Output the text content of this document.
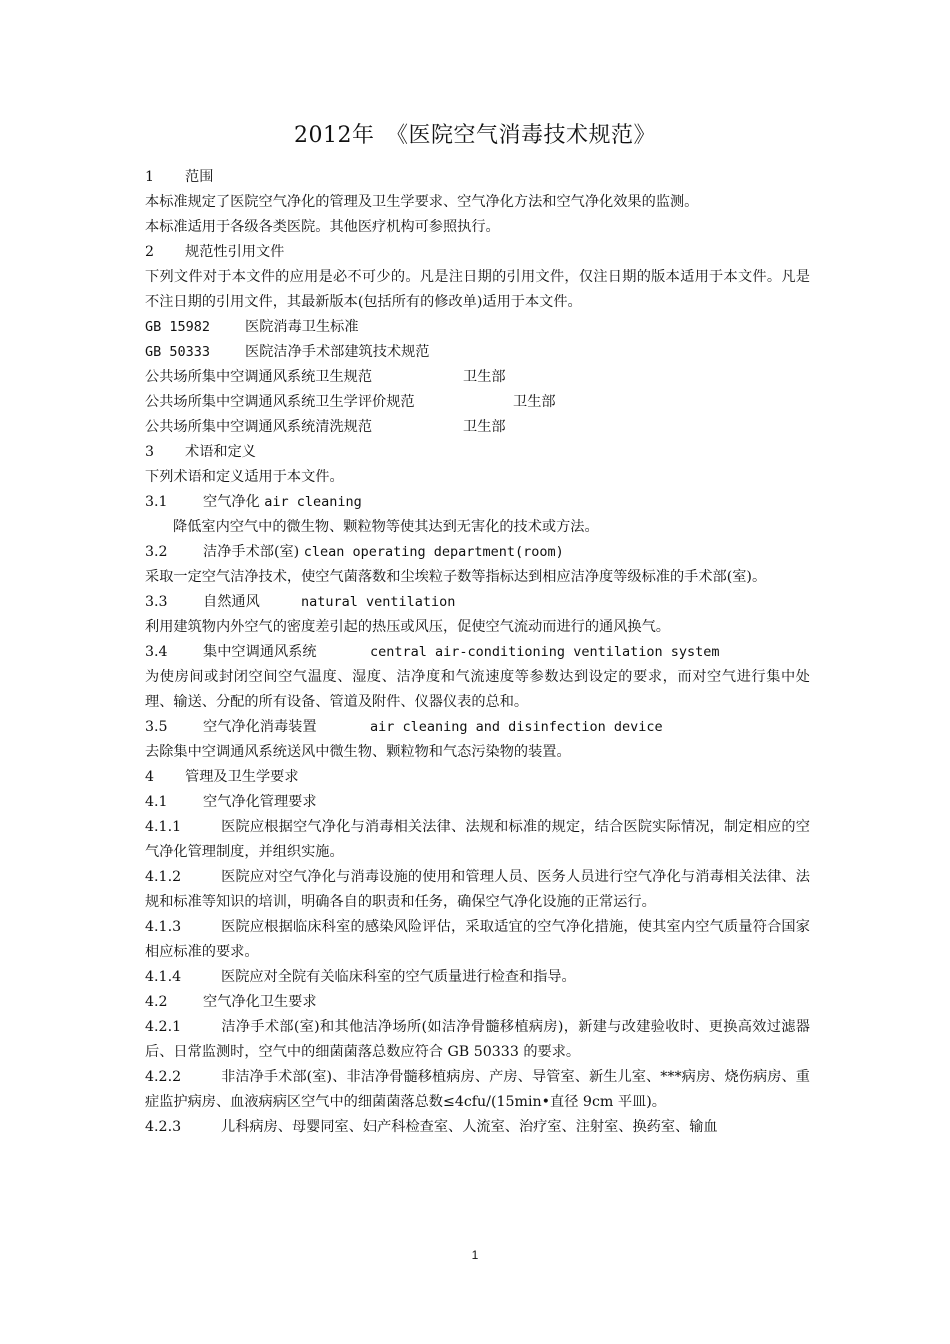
2012年　《医院空气消毒技术规范》
1 范围
本标准规定了医院空气净化的管理及卫生学要求、空气净化方法和空气净化效果的监测。
本标准适用于各级各类医院。其他医疗机构可参照执行。
2 规范性引用文件

下列文件对于本文件的应用是必不可少的。凡是注日期的引用文件，仅注日期的版本适用于本文件。凡是不注日期的引用文件，其最新版本(包括所有的修改单)适用于本文件。

GB 15982 医院消毒卫生标准
GB 50333 医院洁净手术部建筑技术规范
公共场所集中空调通风系统卫生规范	卫生部
公共场所集中空调通风系统卫生学评价规范	卫生部
公共场所集中空调通风系统清洗规范	卫生部
3 术语和定义
下列术语和定义适用于本文件。
3.1 空气净化 air cleaning
降低室内空气中的微生物、颗粒物等使其达到无害化的技术或方法。
3.2 洁净手术部(室) clean operating department(room)

采取一定空气洁净技术，使空气菌落数和尘埃粒子数等指标达到相应洁净度等级标准的手术部(室)。

3.3 自然通风	natural ventilation
利用建筑物内外空气的密度差引起的热压或风压，促使空气流动而进行的通风换气。
3.4 集中空调通风系统	central air-conditioning ventilation system

为使房间或封闭空间空气温度、湿度、洁净度和气流速度等参数达到设定的要求，而对空气进行集中处理、输送、分配的所有设备、管道及附件、仪器仪表的总和。

3.5 空气净化消毒装置	air cleaning and disinfection device
去除集中空调通风系统送风中微生物、颗粒物和气态污染物的装置。
4 管理及卫生学要求
4.1 空气净化管理要求

4.1.1	医院应根据空气净化与消毒相关法律、法规和标准的规定，结合医院实际情况，制定相应的空气净化管理制度，并组织实施。

4.1.2	医院应对空气净化与消毒设施的使用和管理人员、医务人员进行空气净化与消毒相关法律、法规和标准等知识的培训，明确各自的职责和任务，确保空气净化设施的正常运行。

4.1.3	医院应根据临床科室的感染风险评估，采取适宜的空气净化措施，使其室内空气质量符合国家相应标准的要求。

4.1.4	医院应对全院有关临床科室的空气质量进行检查和指导。

4.2 空气净化卫生要求

4.2.1	洁净手术部(室)和其他洁净场所(如洁净骨髓移植病房)，新建与改建验收时、更换高效过滤器后、日常监测时，空气中的细菌菌落总数应符合 GB 50333 的要求。

4.2.2	非洁净手术部(室)、非洁净骨髓移植病房、产房、导管室、新生儿室、***病房、烧伤病房、重症监护病房、血液病病区空气中的细菌菌落总数≤4cfu/(15min•直径 9cm 平皿)。

4.2.3	儿科病房、母婴同室、妇产科检查室、人流室、治疗室、注射室、换药室、输血

1
